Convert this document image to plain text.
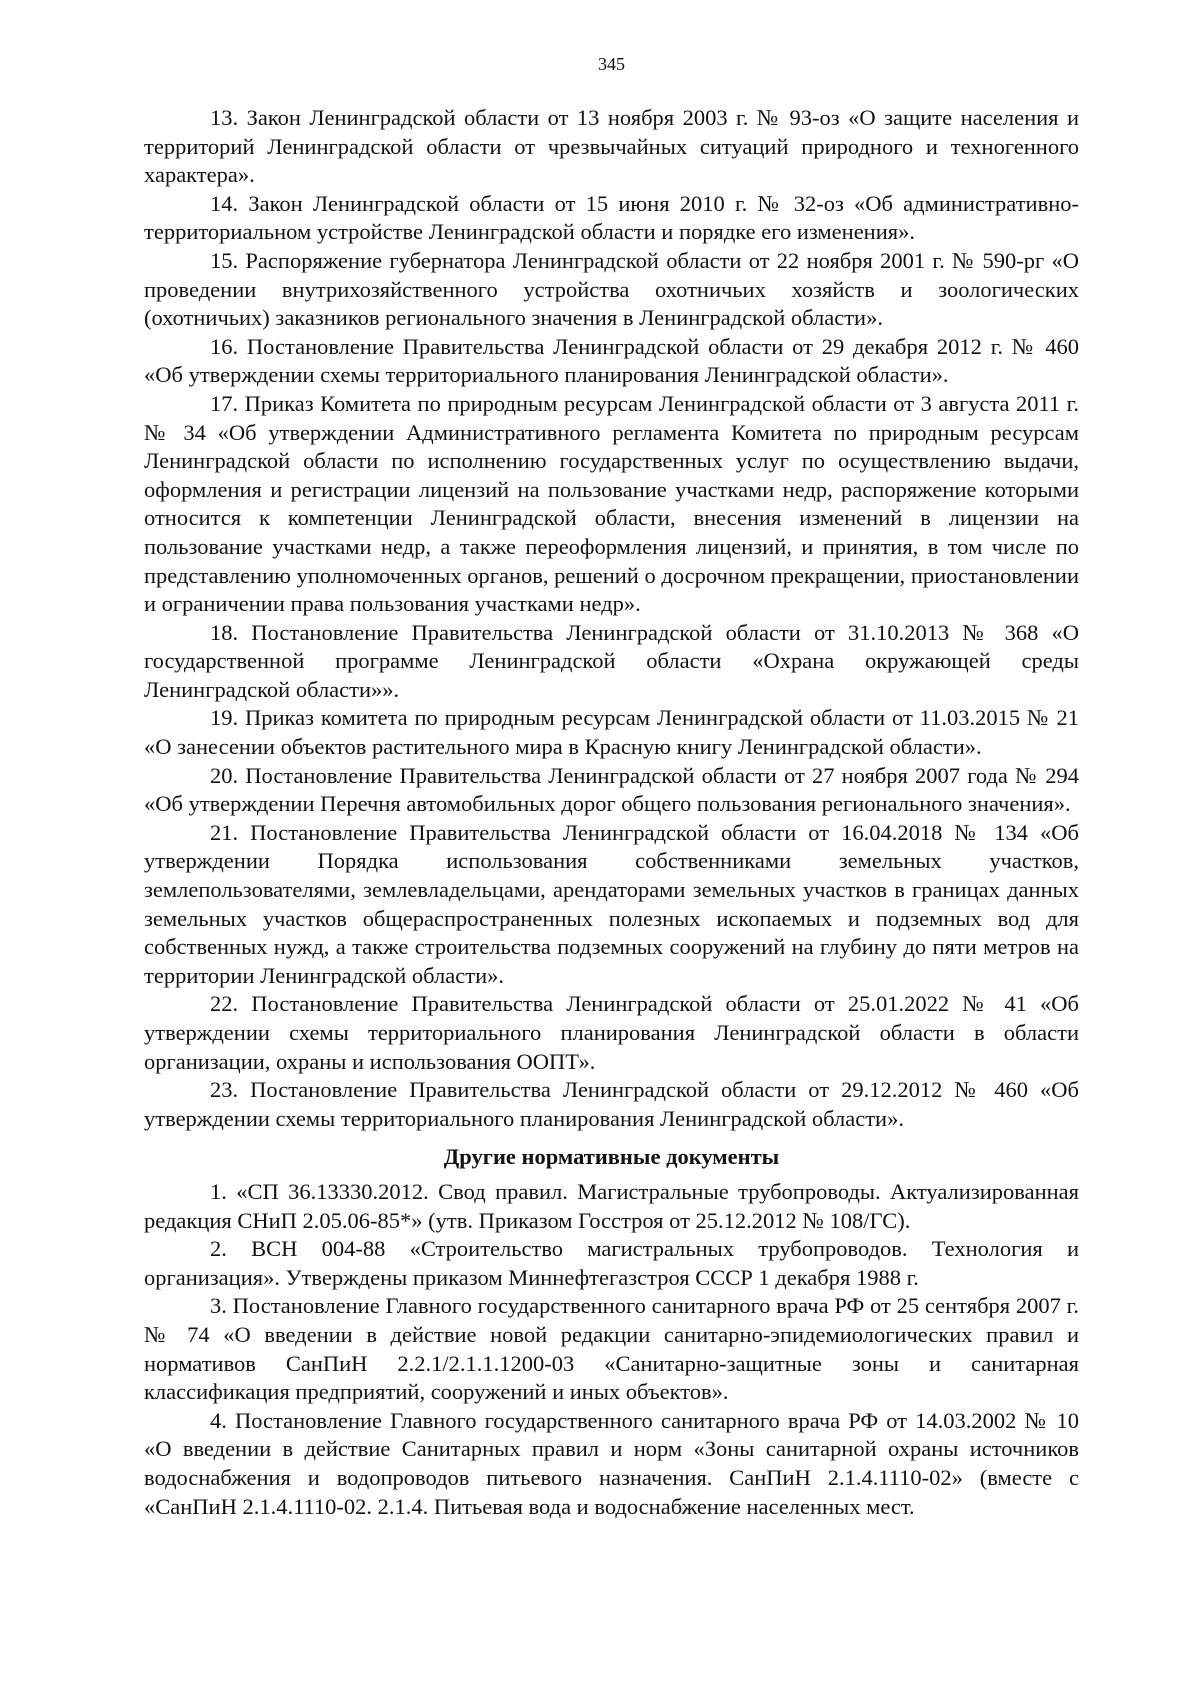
345

13. Закон Ленинградской области от 13 ноября 2003 г. № 93-оз «О защите населения и территорий Ленинградской области от чрезвычайных ситуаций природного и техногенного характера».

14. Закон Ленинградской области от 15 июня 2010 г. № 32-оз «Об административно-территориальном устройстве Ленинградской области и порядке его изменения».

15. Распоряжение губернатора Ленинградской области от 22 ноября 2001 г. № 590-рг «О проведении внутрихозяйственного устройства охотничьих хозяйств и зоологических (охотничьих) заказников регионального значения в Ленинградской области».

16. Постановление Правительства Ленинградской области от 29 декабря 2012 г. № 460 «Об утверждении схемы территориального планирования Ленинградской области».

17. Приказ Комитета по природным ресурсам Ленинградской области от 3 августа 2011 г. № 34 «Об утверждении Административного регламента Комитета по природным ресурсам Ленинградской области по исполнению государственных услуг по осуществлению выдачи, оформления и регистрации лицензий на пользование участками недр, распоряжение которыми относится к компетенции Ленинградской области, внесения изменений в лицензии на пользование участками недр, а также переоформления лицензий, и принятия, в том числе по представлению уполномоченных органов, решений о досрочном прекращении, приостановлении и ограничении права пользования участками недр».

18. Постановление Правительства Ленинградской области от 31.10.2013 № 368 «О государственной программе Ленинградской области «Охрана окружающей среды Ленинградской области»».

19. Приказ комитета по природным ресурсам Ленинградской области от 11.03.2015 № 21 «О занесении объектов растительного мира в Красную книгу Ленинградской области».

20. Постановление Правительства Ленинградской области от 27 ноября 2007 года № 294 «Об утверждении Перечня автомобильных дорог общего пользования регионального значения».

21. Постановление Правительства Ленинградской области от 16.04.2018 № 134 «Об утверждении Порядка использования собственниками земельных участков, землепользователями, землевладельцами, арендаторами земельных участков в границах данных земельных участков общераспространенных полезных ископаемых и подземных вод для собственных нужд, а также строительства подземных сооружений на глубину до пяти метров на территории Ленинградской области».

22. Постановление Правительства Ленинградской области от 25.01.2022 № 41 «Об утверждении схемы территориального планирования Ленинградской области в области организации, охраны и использования ООПТ».

23. Постановление Правительства Ленинградской области от 29.12.2012 № 460 «Об утверждении схемы территориального планирования Ленинградской области».

Другие нормативные документы

1. «СП 36.13330.2012. Свод правил. Магистральные трубопроводы. Актуализированная редакция СНиП 2.05.06-85*» (утв. Приказом Госстроя от 25.12.2012 № 108/ГС).

2. ВСН 004-88 «Строительство магистральных трубопроводов. Технология и организация». Утверждены приказом Миннефтегазстроя СССР 1 декабря 1988 г.

3. Постановление Главного государственного санитарного врача РФ от 25 сентября 2007 г. № 74 «О введении в действие новой редакции санитарно-эпидемиологических правил и нормативов СанПиН 2.2.1/2.1.1.1200-03 «Санитарно-защитные зоны и санитарная классификация предприятий, сооружений и иных объектов».

4. Постановление Главного государственного санитарного врача РФ от 14.03.2002 № 10 «О введении в действие Санитарных правил и норм «Зоны санитарной охраны источников водоснабжения и водопроводов питьевого назначения. СанПиН 2.1.4.1110-02» (вместе с «СанПиН 2.1.4.1110-02. 2.1.4. Питьевая вода и водоснабжение населенных мест.
